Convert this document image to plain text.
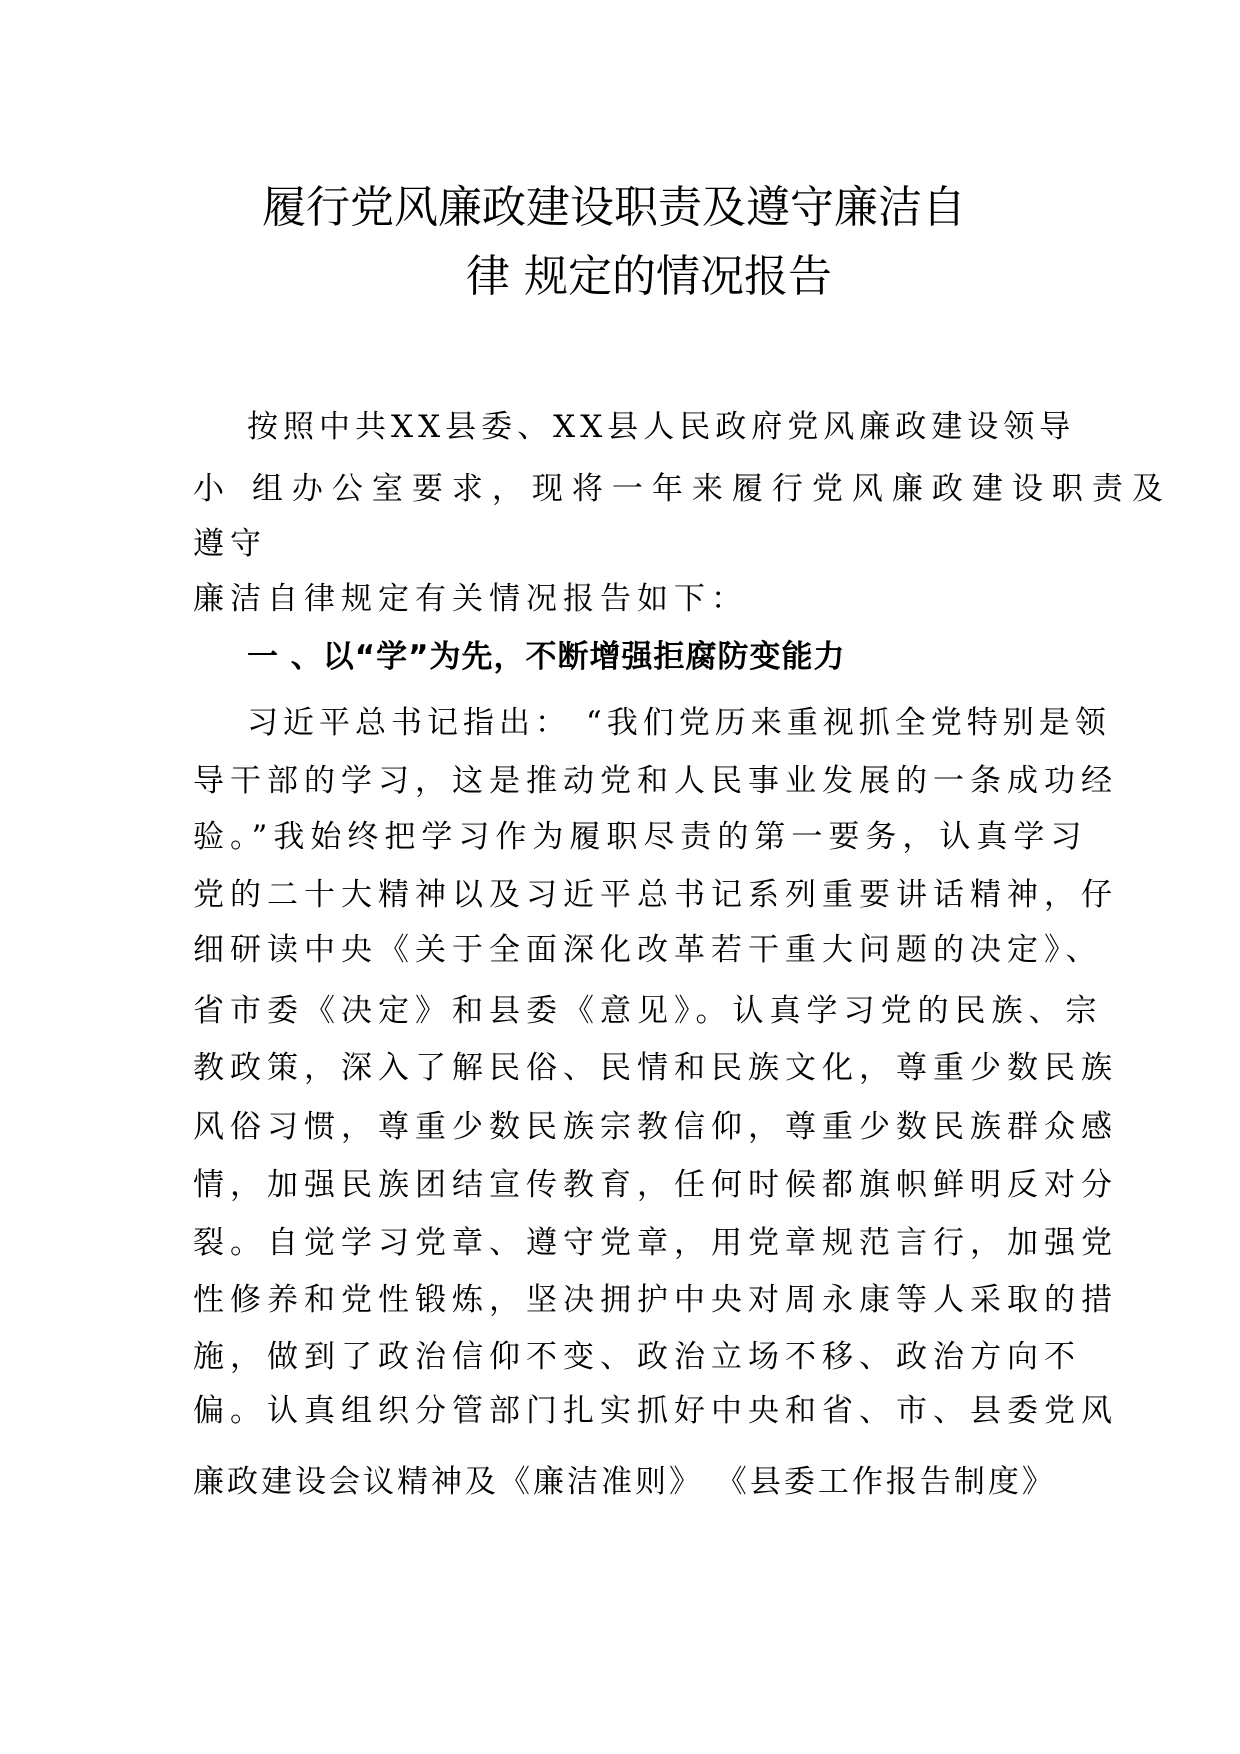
履行党风廉政建设职责及遵守廉洁自
律 规定的情况报告
按照中共XX县委、XX县人民政府党风廉政建设领导
小 组办公室要求，现将一年来履行党风廉政建设职责及
遵守
廉洁自律规定有关情况报告如下：
一 、以“学”为先，不断增强拒腐防变能力
习近平总书记指出： “我们党历来重视抓全党特别是领
导干部的学习，这是推动党和人民事业发展的一条成功经
验。”我始终把学习作为履职尽责的第一要务，认真学习
党的二十大精神以及习近平总书记系列重要讲话精神，仔
细研读中央《关于全面深化改革若干重大问题的决定》、
省市委《决定》和县委《意见》。认真学习党的民族、宗
教政策，深入了解民俗、民情和民族文化，尊重少数民族
风俗习惯，尊重少数民族宗教信仰，尊重少数民族群众感
情，加强民族团结宣传教育，任何时候都旗帜鲜明反对分
裂。自觉学习党章、遵守党章，用党章规范言行，加强党
性修养和党性锻炼，坚决拥护中央对周永康等人采取的措
施，做到了政治信仰不变、政治立场不移、政治方向不
偏。认真组织分管部门扎实抓好中央和省、市、县委党风
廉政建设会议精神及《廉洁准则》 《县委工作报告制度》
